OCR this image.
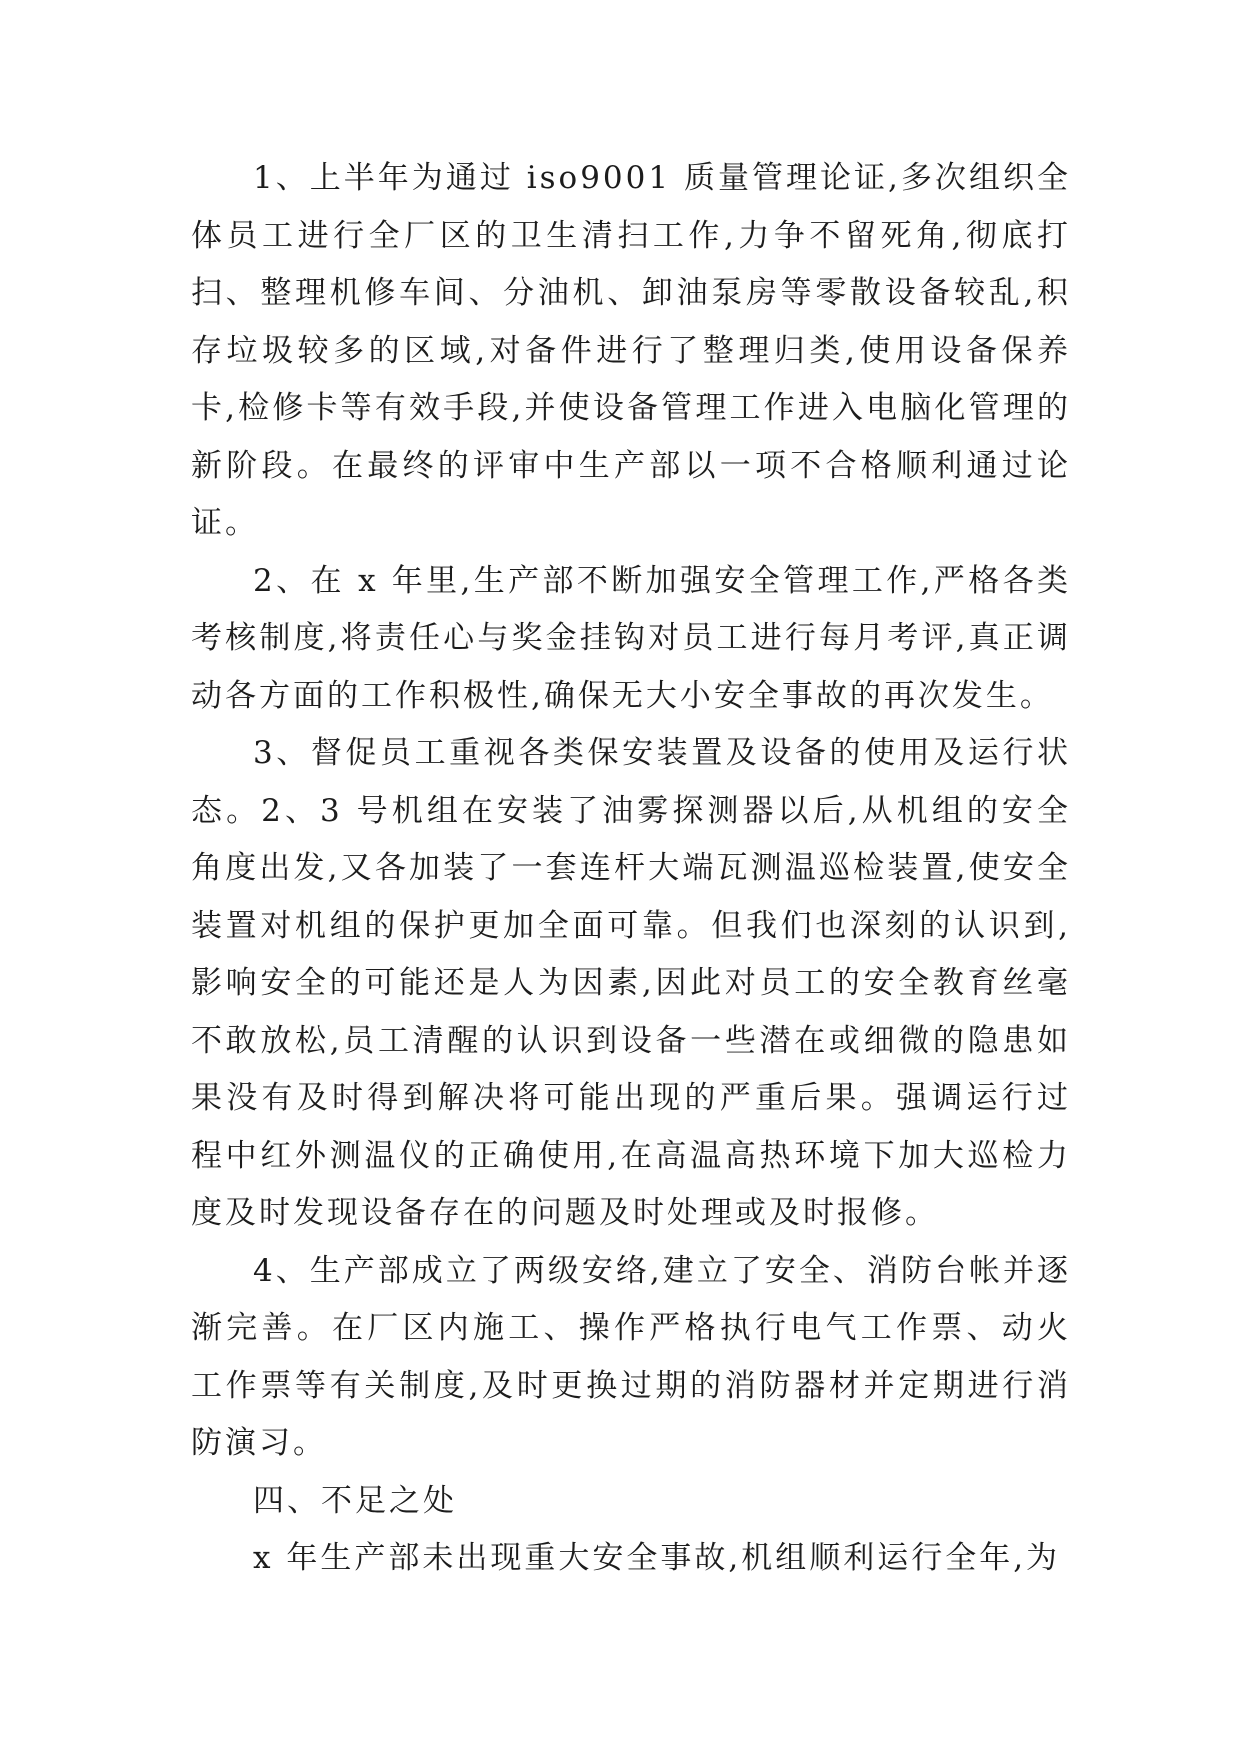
1、上半年为通过 iso9001 质量管理论证,多次组织全体员工进行全厂区的卫生清扫工作,力争不留死角,彻底打扫、整理机修车间、分油机、卸油泵房等零散设备较乱,积存垃圾较多的区域,对备件进行了整理归类,使用设备保养卡,检修卡等有效手段,并使设备管理工作进入电脑化管理的新阶段。在最终的评审中生产部以一项不合格顺利通过论证。

2、在 x 年里,生产部不断加强安全管理工作,严格各类考核制度,将责任心与奖金挂钩对员工进行每月考评,真正调动各方面的工作积极性,确保无大小安全事故的再次发生。

3、督促员工重视各类保安装置及设备的使用及运行状态。2、3 号机组在安装了油雾探测器以后,从机组的安全角度出发,又各加装了一套连杆大端瓦测温巡检装置,使安全装置对机组的保护更加全面可靠。但我们也深刻的认识到,影响安全的可能还是人为因素,因此对员工的安全教育丝毫不敢放松,员工清醒的认识到设备一些潜在或细微的隐患如果没有及时得到解决将可能出现的严重后果。强调运行过程中红外测温仪的正确使用,在高温高热环境下加大巡检力度及时发现设备存在的问题及时处理或及时报修。

4、生产部成立了两级安络,建立了安全、消防台帐并逐渐完善。在厂区内施工、操作严格执行电气工作票、动火工作票等有关制度,及时更换过期的消防器材并定期进行消防演习。

四、不足之处

x 年生产部未出现重大安全事故,机组顺利运行全年,为
